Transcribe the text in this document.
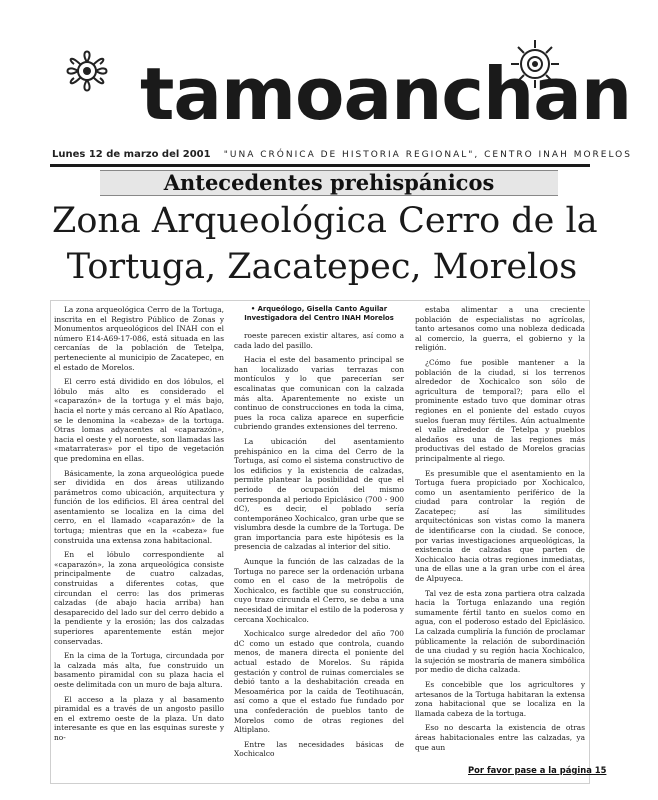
tamoanchan
Lunes 12 de marzo del 2001 "UNA CRÓNICA DE HISTORIA REGIONAL", CENTRO INAH MORELOS
Antecedentes prehispánicos
Zona Arqueológica Cerro de la
Tortuga, Zacatepec, Morelos

La zona arqueológica Cerro de la Tortuga, inscrita en el Registro Público de Zonas y Monumentos arqueológicos del INAH con el número E14-A69-17-086, está situada en las cercanías de la población de Tetelpa, perteneciente al municipio de Zacatepec, en el estado de Morelos.

El cerro está dividido en dos lóbulos, el lóbulo más alto es considerado el «caparazón» de la tortuga y el más bajo, hacia el norte y más cercano al Río Apatlaco, se le denomina la «cabeza» de la tortuga. Otras lomas adyacentes al «caparazón», hacia el oeste y el noroeste, son llamadas las «matarrateras» por el tipo de vegetación que predomina en ellas.

Básicamente, la zona arqueológica puede ser dividida en dos áreas utilizando parámetros como ubicación, arquitectura y función de los edificios. El área central del asentamiento se localiza en la cima del cerro, en el llamado «caparazón» de la tortuga; mientras que en la «cabeza» fue construida una extensa zona habitacional.

En el lóbulo correspondiente al «caparazón», la zona arqueológica consiste principalmente de cuatro calzadas, construidas a diferentes cotas, que circundan el cerro: las dos primeras calzadas (de abajo hacia arriba) han desaparecido del lado sur del cerro debido a la pendiente y la erosión; las dos calzadas superiores aparentemente están mejor conservadas.

En la cima de la Tortuga, circundada por la calzada más alta, fue construido un basamento piramidal con su plaza hacia el oeste delimitada con un muro de baja altura.

El acceso a la plaza y al basamento piramidal es a través de un angosto pasillo en el extremo oeste de la plaza. Un dato interesante es que en las esquinas sureste y no-

• Arqueólogo, Gisella Canto Aguilar
Investigadora del Centro INAH Morelos

roeste parecen existir altares, así como a cada lado del pasillo.

Hacia el este del basamento principal se han localizado varias terrazas con montículos y lo que parecerían ser escalinatas que comunican con la calzada más alta. Aparentemente no existe un continuo de construcciones en toda la cima, pues la roca caliza aparece en superficie cubriendo grandes extensiones del terreno.

La ubicación del asentamiento prehispánico en la cima del Cerro de la Tortuga, así como el sistema constructivo de los edificios y la existencia de calzadas, permite plantear la posibilidad de que el periodo de ocupación del mismo corresponda al periodo Epiclásico (700 - 900 dC), es decir, el poblado sería contemporáneo Xochicalco, gran urbe que se vislumbra desde la cumbre de la Tortuga. De gran importancia para este hipótesis es la presencia de calzadas al interior del sitio.

Aunque la función de las calzadas de la Tortuga no parece ser la ordenación urbana como en el caso de la metrópolis de Xochicalco, es factible que su construcción, cuyo trazo circunda el Cerro, se deba a una necesidad de imitar el estilo de la poderosa y cercana Xochicalco.

Xochicalco surge alrededor del año 700 dC como un estado que controla, cuando menos, de manera directa el poniente del actual estado de Morelos. Su rápida gestación y control de ruinas comerciales se debió tanto a la deshabitación creada en Mesoamérica por la caída de Teotihuacán, así como a que el estado fue fundado por una confederación de pueblos tanto de Morelos como de otras regiones del Altiplano.

Entre las necesidades básicas de Xochicalco

estaba alimentar a una creciente población de especialistas no agrícolas, tanto artesanos como una nobleza dedicada al comercio, la guerra, el gobierno y la religión.

¿Cómo fue posible mantener a la población de la ciudad, si los terrenos alrededor de Xochicalco son sólo de agricultura de temporal?; para ello el prominente estado tuvo que dominar otras regiones en el poniente del estado cuyos suelos fueran muy fértiles. Aún actualmente el valle alrededor de Tetelpa y pueblos aledaños es una de las regiones más productivas del estado de Morelos gracias principalmente al riego.

Es presumible que el asentamiento en la Tortuga fuera propiciado por Xochicalco, como un asentamiento periférico de la ciudad para controlar la región de Zacatepec; así las similitudes arquitectónicas son vistas como la manera de identificarse con la ciudad. Se conoce, por varias investigaciones arqueológicas, la existencia de calzadas que parten de Xochicalco hacia otras regiones inmediatas, una de ellas une a la gran urbe con el área de Alpuyeca.

Tal vez de esta zona partiera otra calzada hacia la Tortuga enlazando una región sumamente fértil tanto en suelos como en agua, con el poderoso estado del Epiclásico. La calzada cumpliría la función de proclamar públicamente la relación de subordinación de una ciudad y su región hacia Xochicalco, la sujeción se mostraría de manera simbólica por medio de dicha calzada.

Es concebible que los agricultores y artesanos de la Tortuga habitaran la extensa zona habitacional que se localiza en la llamada cabeza de la tortuga.

Eso no descarta la existencia de otras áreas habitacionales entre las calzadas, ya que aun

Por favor pase a la página 15
